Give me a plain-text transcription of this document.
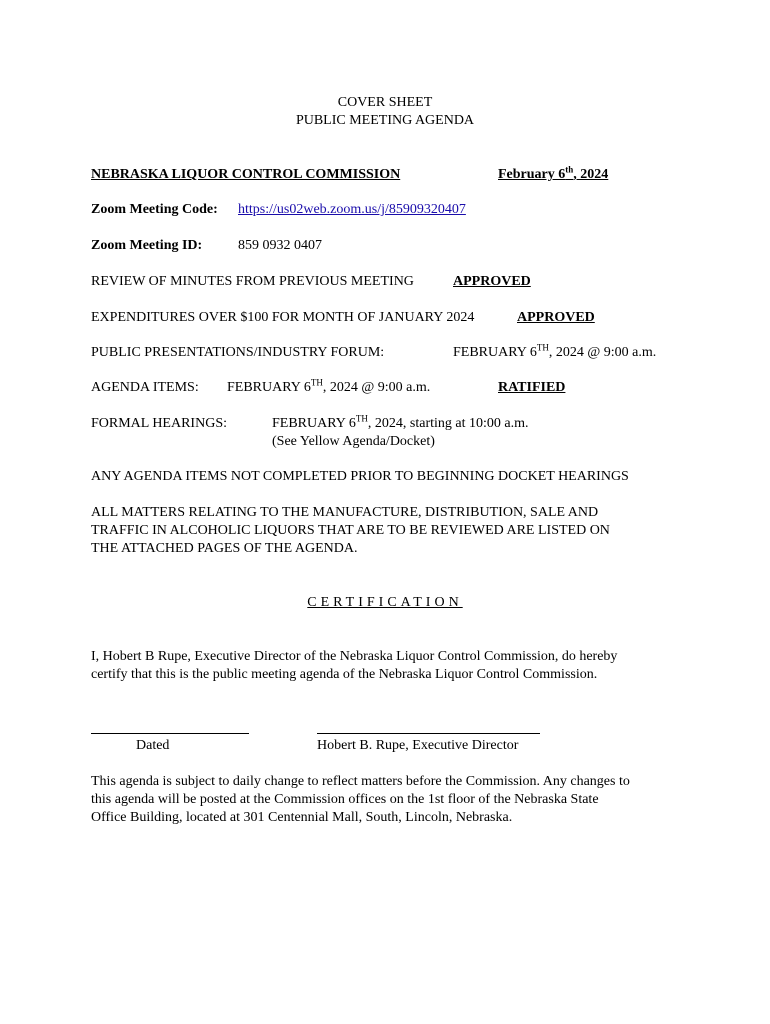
COVER SHEET
PUBLIC MEETING AGENDA
NEBRASKA LIQUOR CONTROL COMMISSION	February 6th, 2024
Zoom Meeting Code: https://us02web.zoom.us/j/85909320407
Zoom Meeting ID:	859 0932 0407
REVIEW OF MINUTES FROM PREVIOUS MEETING	APPROVED
EXPENDITURES OVER $100 FOR MONTH OF JANUARY 2024	APPROVED
PUBLIC PRESENTATIONS/INDUSTRY FORUM:	FEBRUARY 6TH, 2024 @ 9:00 a.m.
AGENDA ITEMS: FEBRUARY 6TH, 2024 @ 9:00 a.m.	RATIFIED
FORMAL HEARINGS:	FEBRUARY 6TH, 2024, starting at 10:00 a.m.
(See Yellow Agenda/Docket)
ANY AGENDA ITEMS NOT COMPLETED PRIOR TO BEGINNING DOCKET HEARINGS
ALL MATTERS RELATING TO THE MANUFACTURE, DISTRIBUTION, SALE AND
TRAFFIC IN ALCOHOLIC LIQUORS THAT ARE TO BE REVIEWED ARE LISTED ON
THE ATTACHED PAGES OF THE AGENDA.
CERTIFICATION
I, Hobert B Rupe, Executive Director of the Nebraska Liquor Control Commission, do hereby
certify that this is the public meeting agenda of the Nebraska Liquor Control Commission.
Dated	Hobert B. Rupe, Executive Director
This agenda is subject to daily change to reflect matters before the Commission. Any changes to
this agenda will be posted at the Commission offices on the 1st floor of the Nebraska State
Office Building, located at 301 Centennial Mall, South, Lincoln, Nebraska.
